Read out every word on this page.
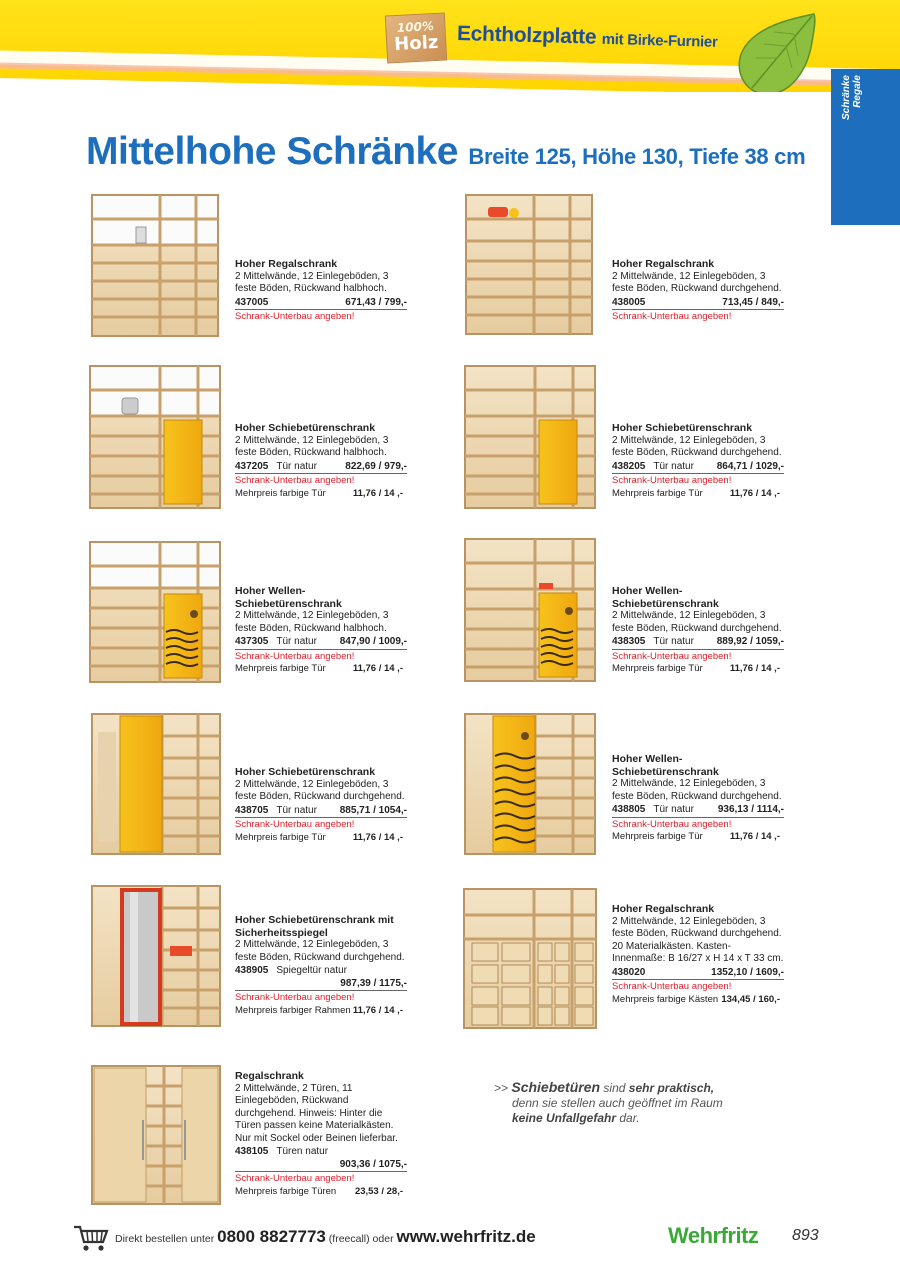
100%
Holz Echtholzplatte mit Birke-Furnier
Schränke Regale
Mittelhohe Schränke Breite 125, Höhe 130, Tiefe 38 cm
Hoher Regalschrank
2 Mittelwände, 12 Einlegeböden, 3 feste Böden, Rückwand halbhoch.
437005	671,43 / 799,-
Schrank-Unterbau angeben!
Hoher Regalschrank
2 Mittelwände, 12 Einlegeböden, 3 feste Böden, Rückwand durchgehend.
438005	713,45 / 849,-
Schrank-Unterbau angeben!
Hoher Schiebetürenschrank
2 Mittelwände, 12 Einlegeböden, 3 feste Böden, Rückwand halbhoch.
437205 Tür natur	822,69 / 979,-
Schrank-Unterbau angeben!
Mehrpreis farbige Tür	11,76 / 14 ,-
Hoher Schiebetürenschrank
2 Mittelwände, 12 Einlegeböden, 3 feste Böden, Rückwand durchgehend.
438205 Tür natur 864,71 / 1029,-
Schrank-Unterbau angeben!
Mehrpreis farbige Tür	11,76 / 14 ,-
Hoher Wellen-Schiebetürenschrank
2 Mittelwände, 12 Einlegeböden, 3 feste Böden, Rückwand halbhoch.
437305 Tür natur 847,90 / 1009,-
Schrank-Unterbau angeben!
Mehrpreis farbige Tür	11,76 / 14 ,-
Hoher Wellen-Schiebetürenschrank
2 Mittelwände, 12 Einlegeböden, 3 feste Böden, Rückwand durchgehend.
438305 Tür natur 889,92 / 1059,-
Schrank-Unterbau angeben!
Mehrpreis farbige Tür	11,76 / 14 ,-
Hoher Schiebetürenschrank
2 Mittelwände, 12 Einlegeböden, 3 feste Böden, Rückwand durchgehend.
438705 Tür natur 885,71 / 1054,-
Schrank-Unterbau angeben!
Mehrpreis farbige Tür	11,76 / 14 ,-
Hoher Wellen-Schiebetürenschrank
2 Mittelwände, 12 Einlegeböden, 3 feste Böden, Rückwand durchgehend.
438805 Tür natur 936,13 / 1114,-
Schrank-Unterbau angeben!
Mehrpreis farbige Tür	11,76 / 14 ,-
Hoher Schiebetürenschrank mit Sicherheitsspiegel
2 Mittelwände, 12 Einlegeböden, 3 feste Böden, Rückwand durchgehend.
438905 Spiegeltür natur
987,39 / 1175,-
Schrank-Unterbau angeben!
Mehrpreis farbiger Rahmen 11,76 / 14 ,-
Hoher Regalschrank
2 Mittelwände, 12 Einlegeböden, 3 feste Böden, Rückwand durchgehend. 20 Materialkästen. Kasten-Innenmaße: B 16/27 x H 14 x T 33 cm.
438020	1352,10 / 1609,-
Schrank-Unterbau angeben!
Mehrpreis farbige Kästen 134,45 / 160,-
Regalschrank
2 Mittelwände, 2 Türen, 11 Einlegeböden, Rückwand durchgehend. Hinweis: Hinter die Türen passen keine Materialkästen. Nur mit Sockel oder Beinen lieferbar.
438105 Türen natur
903,36 / 1075,-
Schrank-Unterbau angeben!
Mehrpreis farbige Türen 23,53 / 28,-
>> Schiebetüren sind sehr praktisch,
denn sie stellen auch geöffnet im Raum
keine Unfallgefahr dar.
Direkt bestellen unter 0800 8827773 (freecall) oder www.wehrfritz.de	Wehrfritz 893
